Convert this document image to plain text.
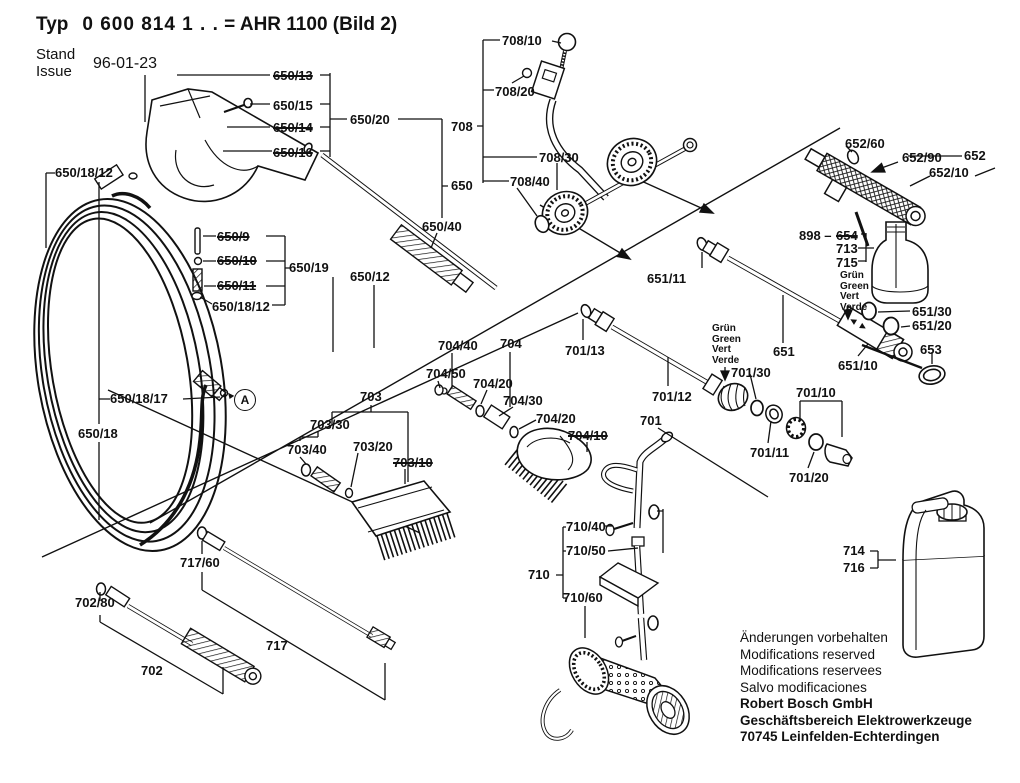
Typ 0 600 814 1 . . = AHR 1100 (Bild 2)
Stand
Issue 96-01-23
650/13
650/15
650/14
650/16
650/20	708
650
650/40
708/10
708/20
708/30
708/40
652/60
652/90 652
652/10
898 – 654
713
715
651/30
651/20
653
651/11
651
651/10
701/30
701/13
701/12
701
701/11
701/10
701/20
704/40 704
704/50
704/20
704/30
704/20
704/10
703
703/30
703/40 703/20
703/10
650/18/12
650/9
650/10
650/11
650/18/12
650/19
650/12
650/18/17
650/18
717/60
702/80
702
717
710/40
710/50
710
710/60
714
716
Grün
Green
Vert
Verde
Grün
Green
Vert
Verde
A
Änderungen vorbehalten
Modifications reserved
Modifications reservees
Salvo modificaciones
Robert Bosch GmbH
Geschäftsbereich Elektrowerkzeuge
70745 Leinfelden-Echterdingen
